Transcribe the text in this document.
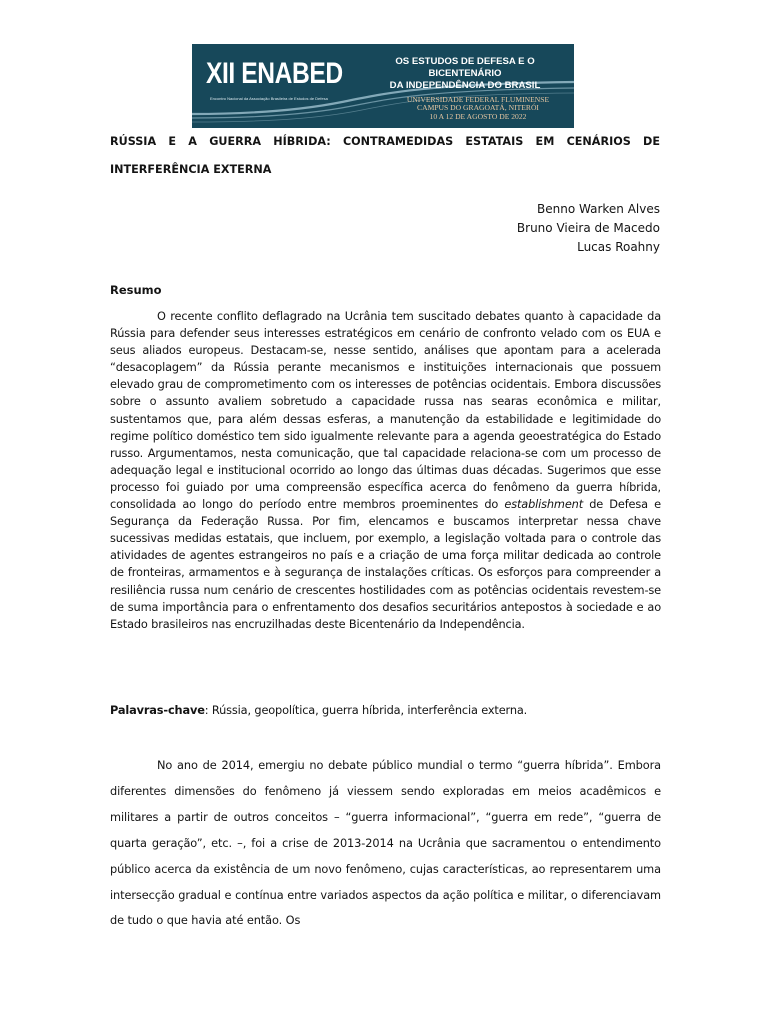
XII ENABED
Encontro Nacional da Associação Brasileira de Estudos de Defesa
OS ESTUDOS DE DEFESA E O BICENTENÁRIO
DA INDEPENDÊNCIA DO BRASIL
UNIVERSIDADE FEDERAL FLUMINENSE
CAMPUS DO GRAGOATÁ, NITERÓI
10 A 12 DE AGOSTO DE 2022
RÚSSIA E A GUERRA HÍBRIDA: CONTRAMEDIDAS ESTATAIS EM CENÁRIOS DE
INTERFERÊNCIA EXTERNA
Benno Warken Alves
Bruno Vieira de Macedo
Lucas Roahny
Resumo

O recente conflito deflagrado na Ucrânia tem suscitado debates quanto à capacidade da Rússia para defender seus interesses estratégicos em cenário de confronto velado com os EUA e seus aliados europeus. Destacam-se, nesse sentido, análises que apontam para a acelerada “desacoplagem” da Rússia perante mecanismos e instituições internacionais que possuem elevado grau de comprometimento com os interesses de potências ocidentais. Embora discussões sobre o assunto avaliem sobretudo a capacidade russa nas searas econômica e militar, sustentamos que, para além dessas esferas, a manutenção da estabilidade e legitimidade do regime político doméstico tem sido igualmente relevante para a agenda geoestratégica do Estado russo. Argumentamos, nesta comunicação, que tal capacidade relaciona-se com um processo de adequação legal e institucional ocorrido ao longo das últimas duas décadas. Sugerimos que esse processo foi guiado por uma compreensão específica acerca do fenômeno da guerra híbrida, consolidada ao longo do período entre membros proeminentes do establishment de Defesa e Segurança da Federação Russa. Por fim, elencamos e buscamos interpretar nessa chave sucessivas medidas estatais, que incluem, por exemplo, a legislação voltada para o controle das atividades de agentes estrangeiros no país e a criação de uma força militar dedicada ao controle de fronteiras, armamentos e à segurança de instalações críticas. Os esforços para compreender a resiliência russa num cenário de crescentes hostilidades com as potências ocidentais revestem-se de suma importância para o enfrentamento dos desafios securitários antepostos à sociedade e ao Estado brasileiros nas encruzilhadas deste Bicentenário da Independência.

Palavras-chave: Rússia, geopolítica, guerra híbrida, interferência externa.

No ano de 2014, emergiu no debate público mundial o termo “guerra híbrida”. Embora diferentes dimensões do fenômeno já viessem sendo exploradas em meios acadêmicos e militares a partir de outros conceitos – “guerra informacional”, “guerra em rede”, “guerra de quarta geração”, etc. –, foi a crise de 2013-2014 na Ucrânia que sacramentou o entendimento público acerca da existência de um novo fenômeno, cujas características, ao representarem uma intersecção gradual e contínua entre variados aspectos da ação política e militar, o diferenciavam de tudo o que havia até então. Os
